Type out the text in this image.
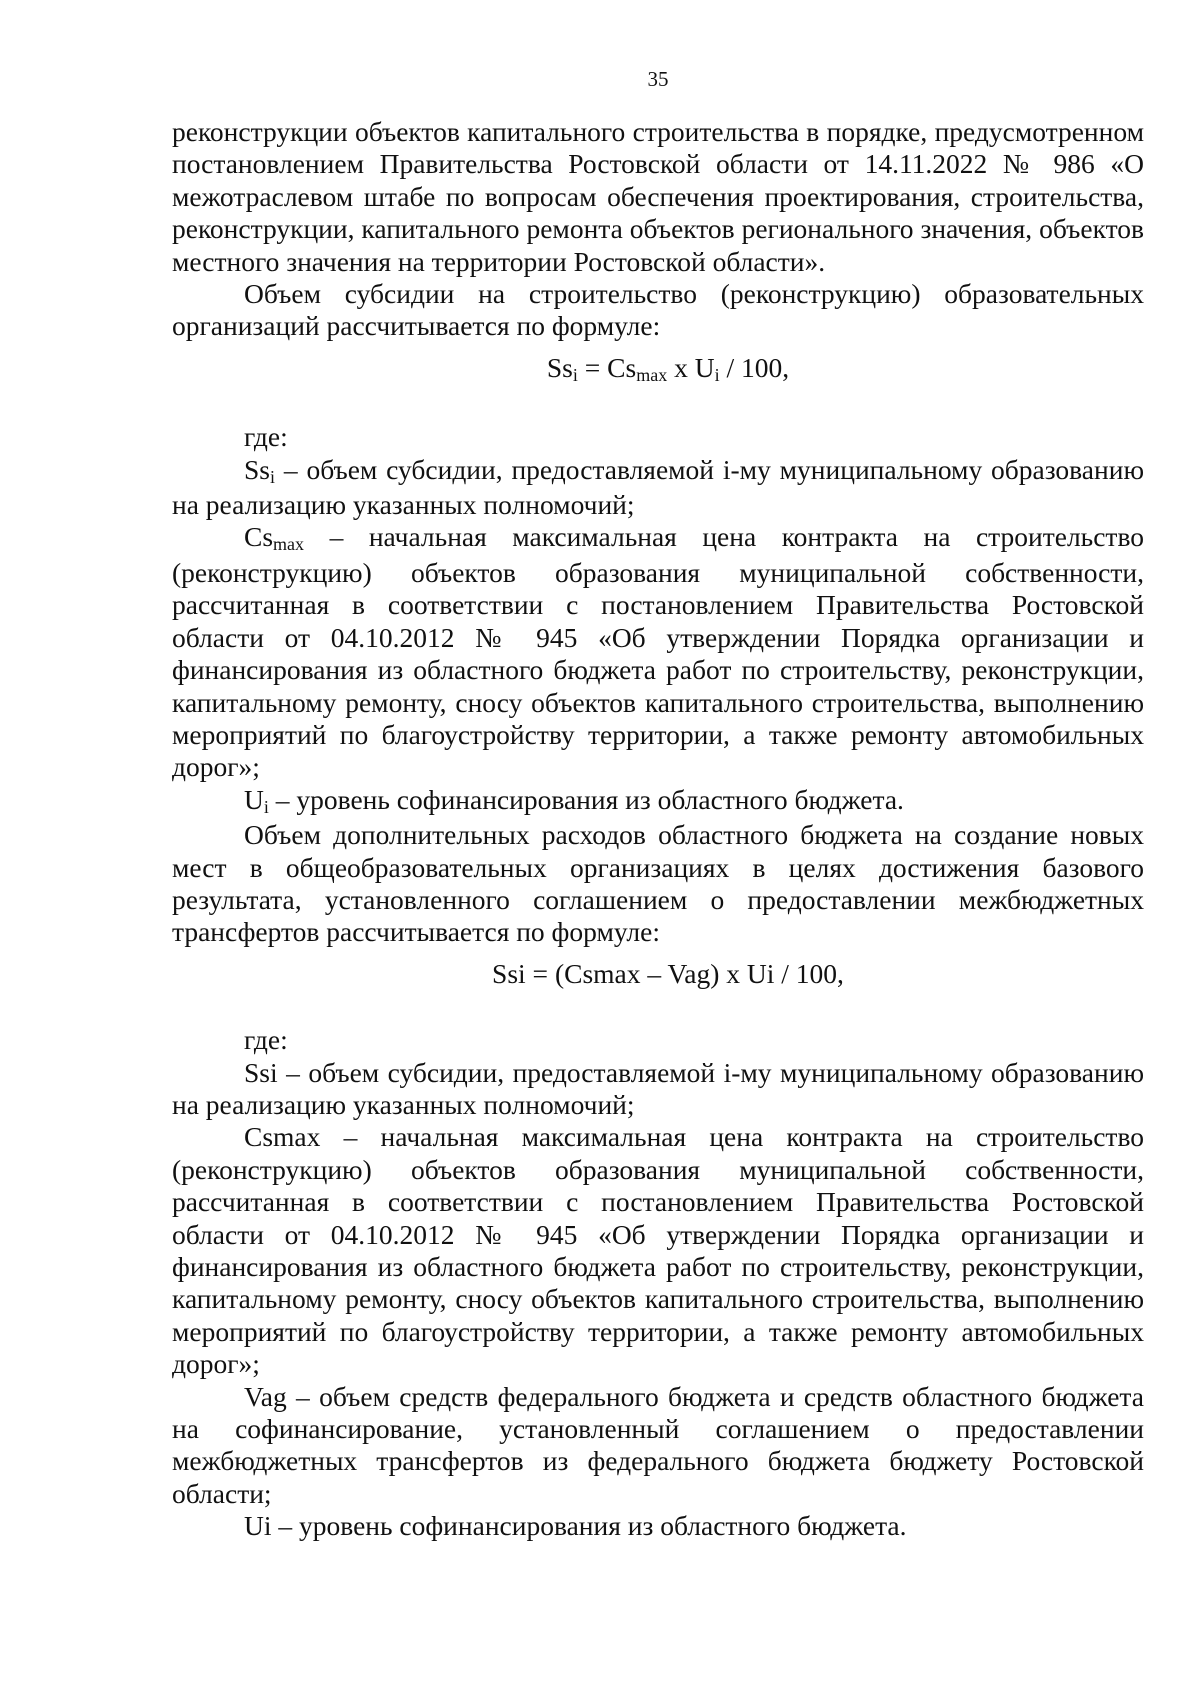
35

реконструкции объектов капитального строительства в порядке, предусмотренном постановлением Правительства Ростовской области от 14.11.2022 № 986 «О межотраслевом штабе по вопросам обеспечения проектирования, строительства, реконструкции, капитального ремонта объектов регионального значения, объектов местного значения на территории Ростовской области».

Объем субсидии на строительство (реконструкцию) образовательных организаций рассчитывается по формуле:

$Ss_i = Cs_{max}$ x $U_i / 100$,

где:

$Ss_i$ – объем субсидии, предоставляемой i-му муниципальному образованию на реализацию указанных полномочий;

$Cs_{max}$ – начальная максимальная цена контракта на строительство (реконструкцию) объектов образования муниципальной собственности, рассчитанная в соответствии с постановлением Правительства Ростовской области от 04.10.2012 № 945 «Об утверждении Порядка организации и финансирования из областного бюджета работ по строительству, реконструкции, капитальному ремонту, сносу объектов капитального строительства, выполнению мероприятий по благоустройству территории, а также ремонту автомобильных дорог»;

$U_i$ – уровень софинансирования из областного бюджета.

Объем дополнительных расходов областного бюджета на создание новых мест в общеобразовательных организациях в целях достижения базового результата, установленного соглашением о предоставлении межбюджетных трансфертов рассчитывается по формуле:

Ssi = (Csmax – Vag) x Ui / 100,

где:

Ssi – объем субсидии, предоставляемой i-му муниципальному образованию на реализацию указанных полномочий;

Csmax – начальная максимальная цена контракта на строительство (реконструкцию) объектов образования муниципальной собственности, рассчитанная в соответствии с постановлением Правительства Ростовской области от 04.10.2012 № 945 «Об утверждении Порядка организации и финансирования из областного бюджета работ по строительству, реконструкции, капитальному ремонту, сносу объектов капитального строительства, выполнению мероприятий по благоустройству территории, а также ремонту автомобильных дорог»;

Vag – объем средств федерального бюджета и средств областного бюджета на софинансирование, установленный соглашением о предоставлении межбюджетных трансфертов из федерального бюджета бюджету Ростовской области;

Ui – уровень софинансирования из областного бюджета.
